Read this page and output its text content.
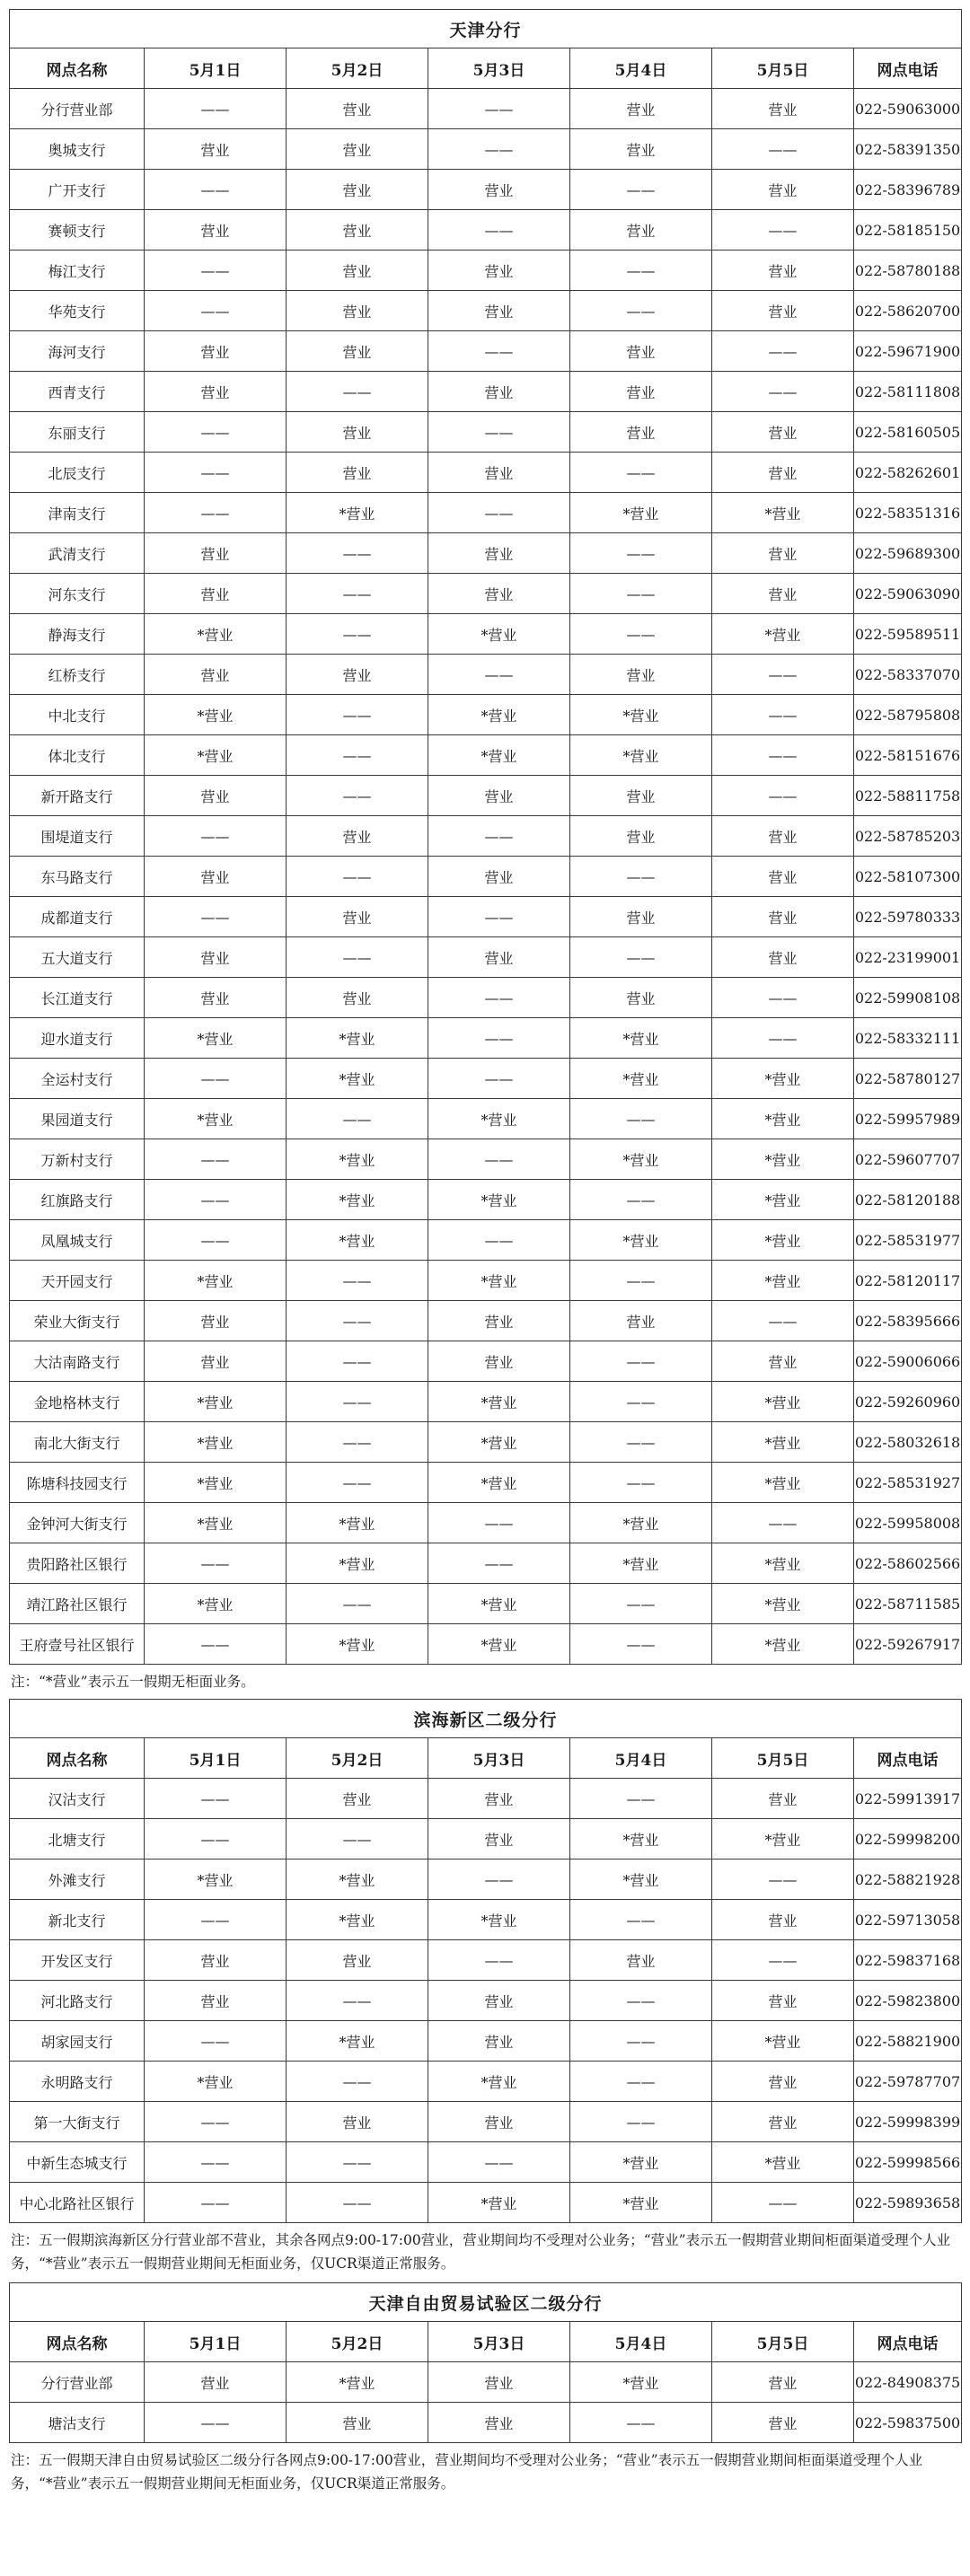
天津分行						
网点名称	5月1日	5月2日	5月3日	5月4日	5月5日	网点电话
分行营业部	——	营业	——	营业	营业	022-59063000
奥城支行	营业	营业	——	营业	——	022-58391350
广开支行	——	营业	营业	——	营业	022-58396789
赛顿支行	营业	营业	——	营业	——	022-58185150
梅江支行	——	营业	营业	——	营业	022-58780188
华苑支行	——	营业	营业	——	营业	022-58620700
海河支行	营业	营业	——	营业	——	022-59671900
西青支行	营业	——	营业	营业	——	022-58111808
东丽支行	——	营业	——	营业	营业	022-58160505
北辰支行	——	营业	营业	——	营业	022-58262601
津南支行	——	*营业	——	*营业	*营业	022-58351316
武清支行	营业	——	营业	——	营业	022-59689300
河东支行	营业	——	营业	——	营业	022-59063090
静海支行	*营业	——	*营业	——	*营业	022-59589511
红桥支行	营业	营业	——	营业	——	022-58337070
中北支行	*营业	——	*营业	*营业	——	022-58795808
体北支行	*营业	——	*营业	*营业	——	022-58151676
新开路支行	营业	——	营业	营业	——	022-58811758
围堤道支行	——	营业	——	营业	营业	022-58785203
东马路支行	营业	——	营业	——	营业	022-58107300
成都道支行	——	营业	——	营业	营业	022-59780333
五大道支行	营业	——	营业	——	营业	022-23199001
长江道支行	营业	营业	——	营业	——	022-59908108
迎水道支行	*营业	*营业	——	*营业	——	022-58332111
全运村支行	——	*营业	——	*营业	*营业	022-58780127
果园道支行	*营业	——	*营业	——	*营业	022-59957989
万新村支行	——	*营业	——	*营业	*营业	022-59607707
红旗路支行	——	*营业	*营业	——	*营业	022-58120188
凤凰城支行	——	*营业	——	*营业	*营业	022-58531977
天开园支行	*营业	——	*营业	——	*营业	022-58120117
荣业大街支行	营业	——	营业	营业	——	022-58395666
大沽南路支行	营业	——	营业	——	营业	022-59006066
金地格林支行	*营业	——	*营业	——	*营业	022-59260960
南北大街支行	*营业	——	*营业	——	*营业	022-58032618
陈塘科技园支行	*营业	——	*营业	——	*营业	022-58531927
金钟河大街支行	*营业	*营业	——	*营业	——	022-59958008
贵阳路社区银行	——	*营业	——	*营业	*营业	022-58602566
靖江路社区银行	*营业	——	*营业	——	*营业	022-58711585
王府壹号社区银行	——	*营业	*营业	——	*营业	022-59267917
注：“*营业”表示五一假期无柜面业务。
滨海新区二级分行						
网点名称	5月1日	5月2日	5月3日	5月4日	5月5日	网点电话
汉沽支行	——	营业	营业	——	营业	022-59913917
北塘支行	——	——	营业	*营业	*营业	022-59998200
外滩支行	*营业	*营业	——	*营业	——	022-58821928
新北支行	——	*营业	*营业	——	营业	022-59713058
开发区支行	营业	营业	——	营业	——	022-59837168
河北路支行	营业	——	营业	——	营业	022-59823800
胡家园支行	——	*营业	营业	——	*营业	022-58821900
永明路支行	*营业	——	*营业	——	营业	022-59787707
第一大街支行	——	营业	营业	——	营业	022-59998399
中新生态城支行	——	——	——	*营业	*营业	022-59998566
中心北路社区银行	——	——	*营业	*营业	——	022-59893658
注：五一假期滨海新区分行营业部不营业，其余各网点9:00-17:00营业，营业期间均不受理对公业务；“营业”表示五一假期营业期间柜面渠道受理个人业务，“*营业”表示五一假期营业期间无柜面业务，仅UCR渠道正常服务。
天津自由贸易试验区二级分行						
网点名称	5月1日	5月2日	5月3日	5月4日	5月5日	网点电话
分行营业部	营业	*营业	营业	*营业	营业	022-84908375
塘沽支行	——	营业	营业	——	营业	022-59837500
注：五一假期天津自由贸易试验区二级分行各网点9:00-17:00营业，营业期间均不受理对公业务；“营业”表示五一假期营业期间柜面渠道受理个人业务，“*营业”表示五一假期营业期间无柜面业务，仅UCR渠道正常服务。
